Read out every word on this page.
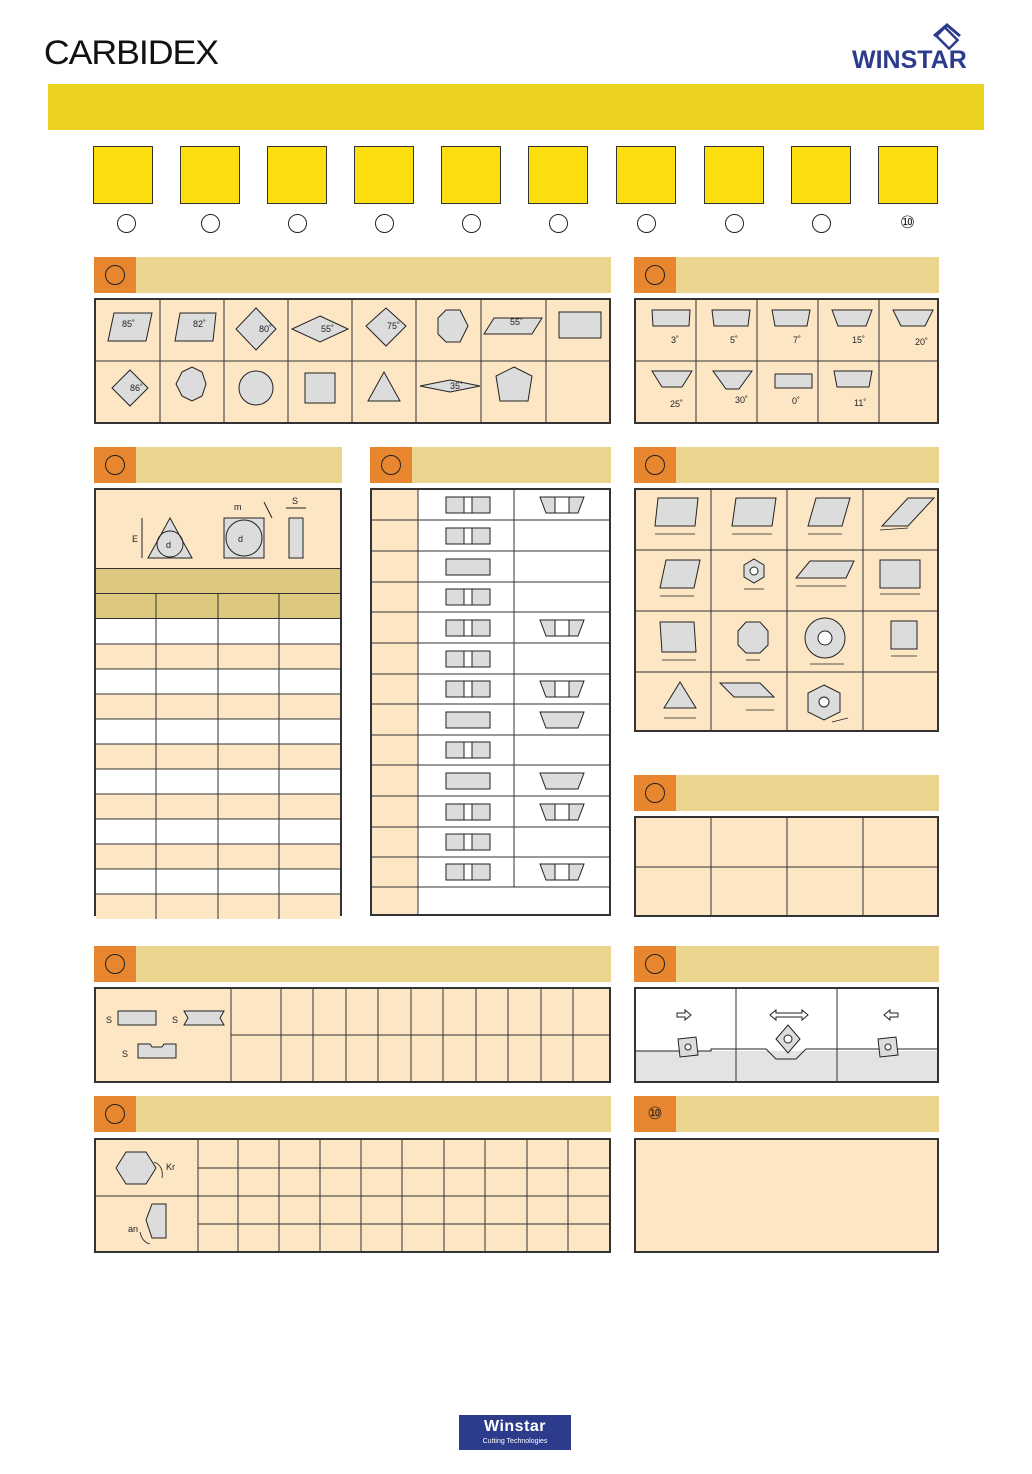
CARBIDEX	WINSTAR
⑩
85˚	82˚	80˚	55˚	75˚	55˚
86˚	35˚
3˚	5˚	7˚	15˚	20˚
25˚	30˚	0˚	11˚
E
d
m
d
S
S	S
S
Kr
an
⑩
Winstar
Cutting Technologies
